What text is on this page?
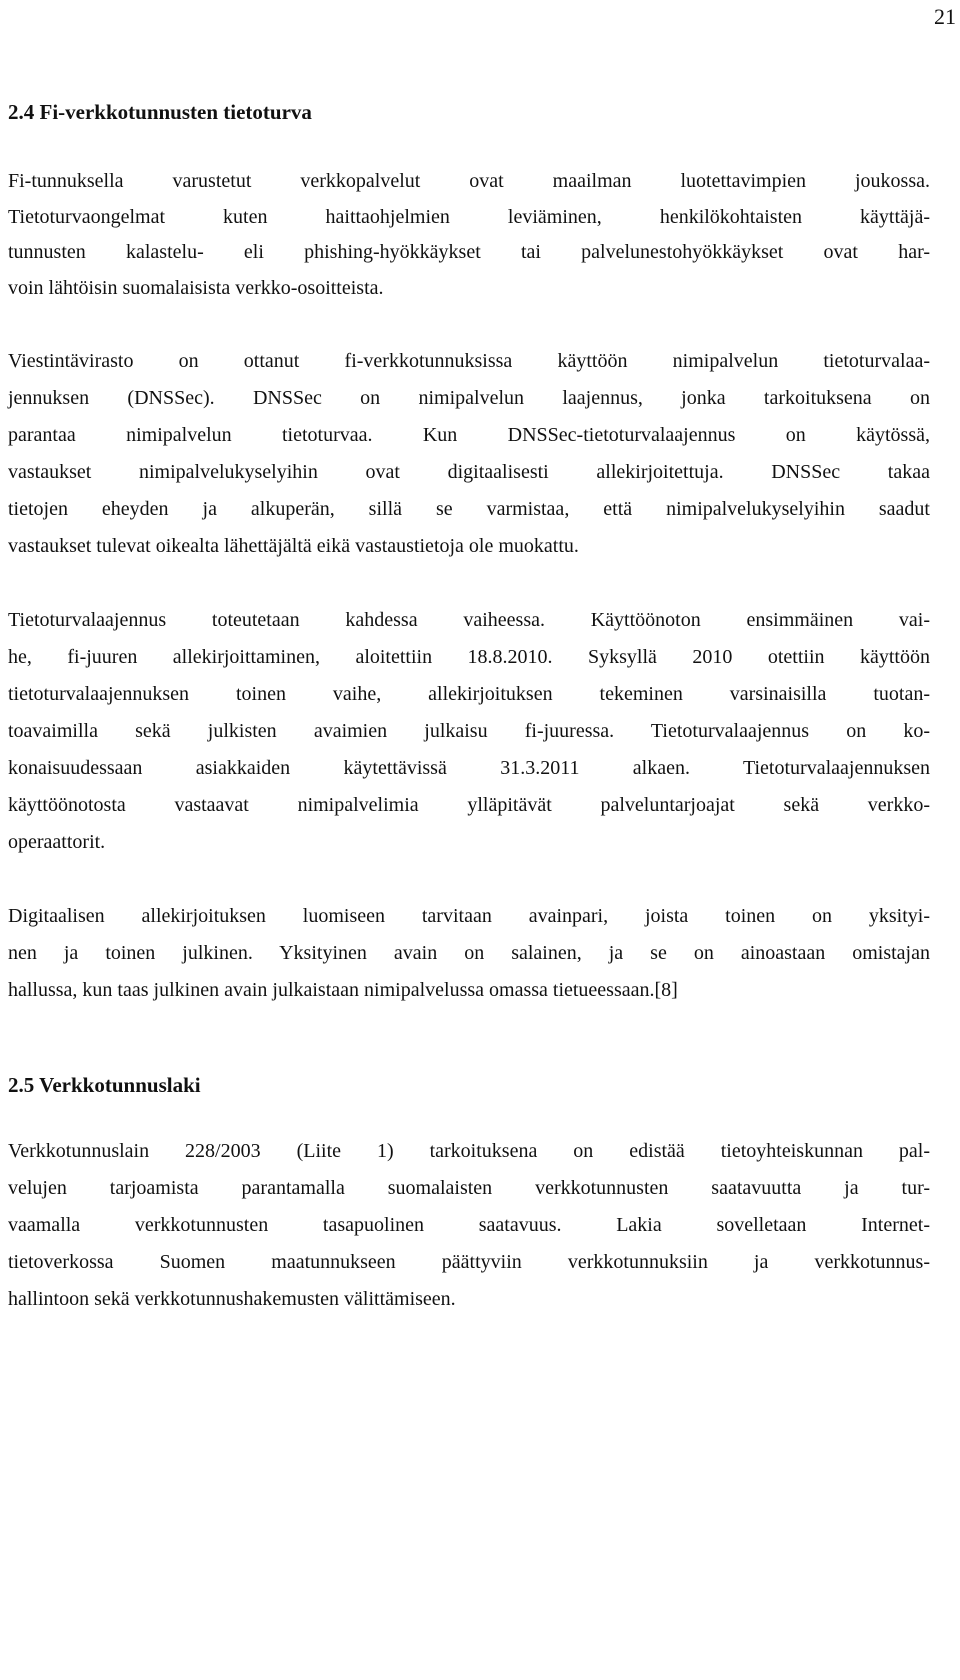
21
2.4 Fi-verkkotunnusten tietoturva

Fi-tunnuksella varustetut verkkopalvelut ovat maailman luotettavimpien joukossa.
Tietoturvaongelmat kuten haittaohjelmien leviäminen, henkilökohtaisten käyttäjä-
tunnusten kalastelu- eli phishing-hyökkäykset tai palvelunestohyökkäykset ovat har-
voin lähtöisin suomalaisista verkko-osoitteista.

Viestintävirasto on ottanut fi-verkkotunnuksissa käyttöön nimipalvelun tietoturvalaa-
jennuksen (DNSSec). DNSSec on nimipalvelun laajennus, jonka tarkoituksena on
parantaa nimipalvelun tietoturvaa. Kun DNSSec-tietoturvalaajennus on käytössä,
vastaukset nimipalvelukyselyihin ovat digitaalisesti allekirjoitettuja. DNSSec takaa
tietojen eheyden ja alkuperän, sillä se varmistaa, että nimipalvelukyselyihin saadut
vastaukset tulevat oikealta lähettäjältä eikä vastaustietoja ole muokattu.

Tietoturvalaajennus toteutetaan kahdessa vaiheessa. Käyttöönoton ensimmäinen vai-
he, fi-juuren allekirjoittaminen, aloitettiin 18.8.2010. Syksyllä 2010 otettiin käyttöön
tietoturvalaajennuksen toinen vaihe, allekirjoituksen tekeminen varsinaisilla tuotan-
toavaimilla sekä julkisten avaimien julkaisu fi-juuressa. Tietoturvalaajennus on ko-
konaisuudessaan asiakkaiden käytettävissä 31.3.2011 alkaen. Tietoturvalaajennuksen
käyttöönotosta vastaavat nimipalvelimia ylläpitävät palveluntarjoajat sekä verkko-
operaattorit.

Digitaalisen allekirjoituksen luomiseen tarvitaan avainpari, joista toinen on yksityi-
nen ja toinen julkinen. Yksityinen avain on salainen, ja se on ainoastaan omistajan
hallussa, kun taas julkinen avain julkaistaan nimipalvelussa omassa tietueessaan.[8]

2.5 Verkkotunnuslaki

Verkkotunnuslain 228/2003 (Liite 1) tarkoituksena on edistää tietoyhteiskunnan pal-
velujen tarjoamista parantamalla suomalaisten verkkotunnusten saatavuutta ja tur-
vaamalla verkkotunnusten tasapuolinen saatavuus. Lakia sovelletaan Internet-
tietoverkossa Suomen maatunnukseen päättyviin verkkotunnuksiin ja verkkotunnus-
hallintoon sekä verkkotunnushakemusten välittämiseen.
